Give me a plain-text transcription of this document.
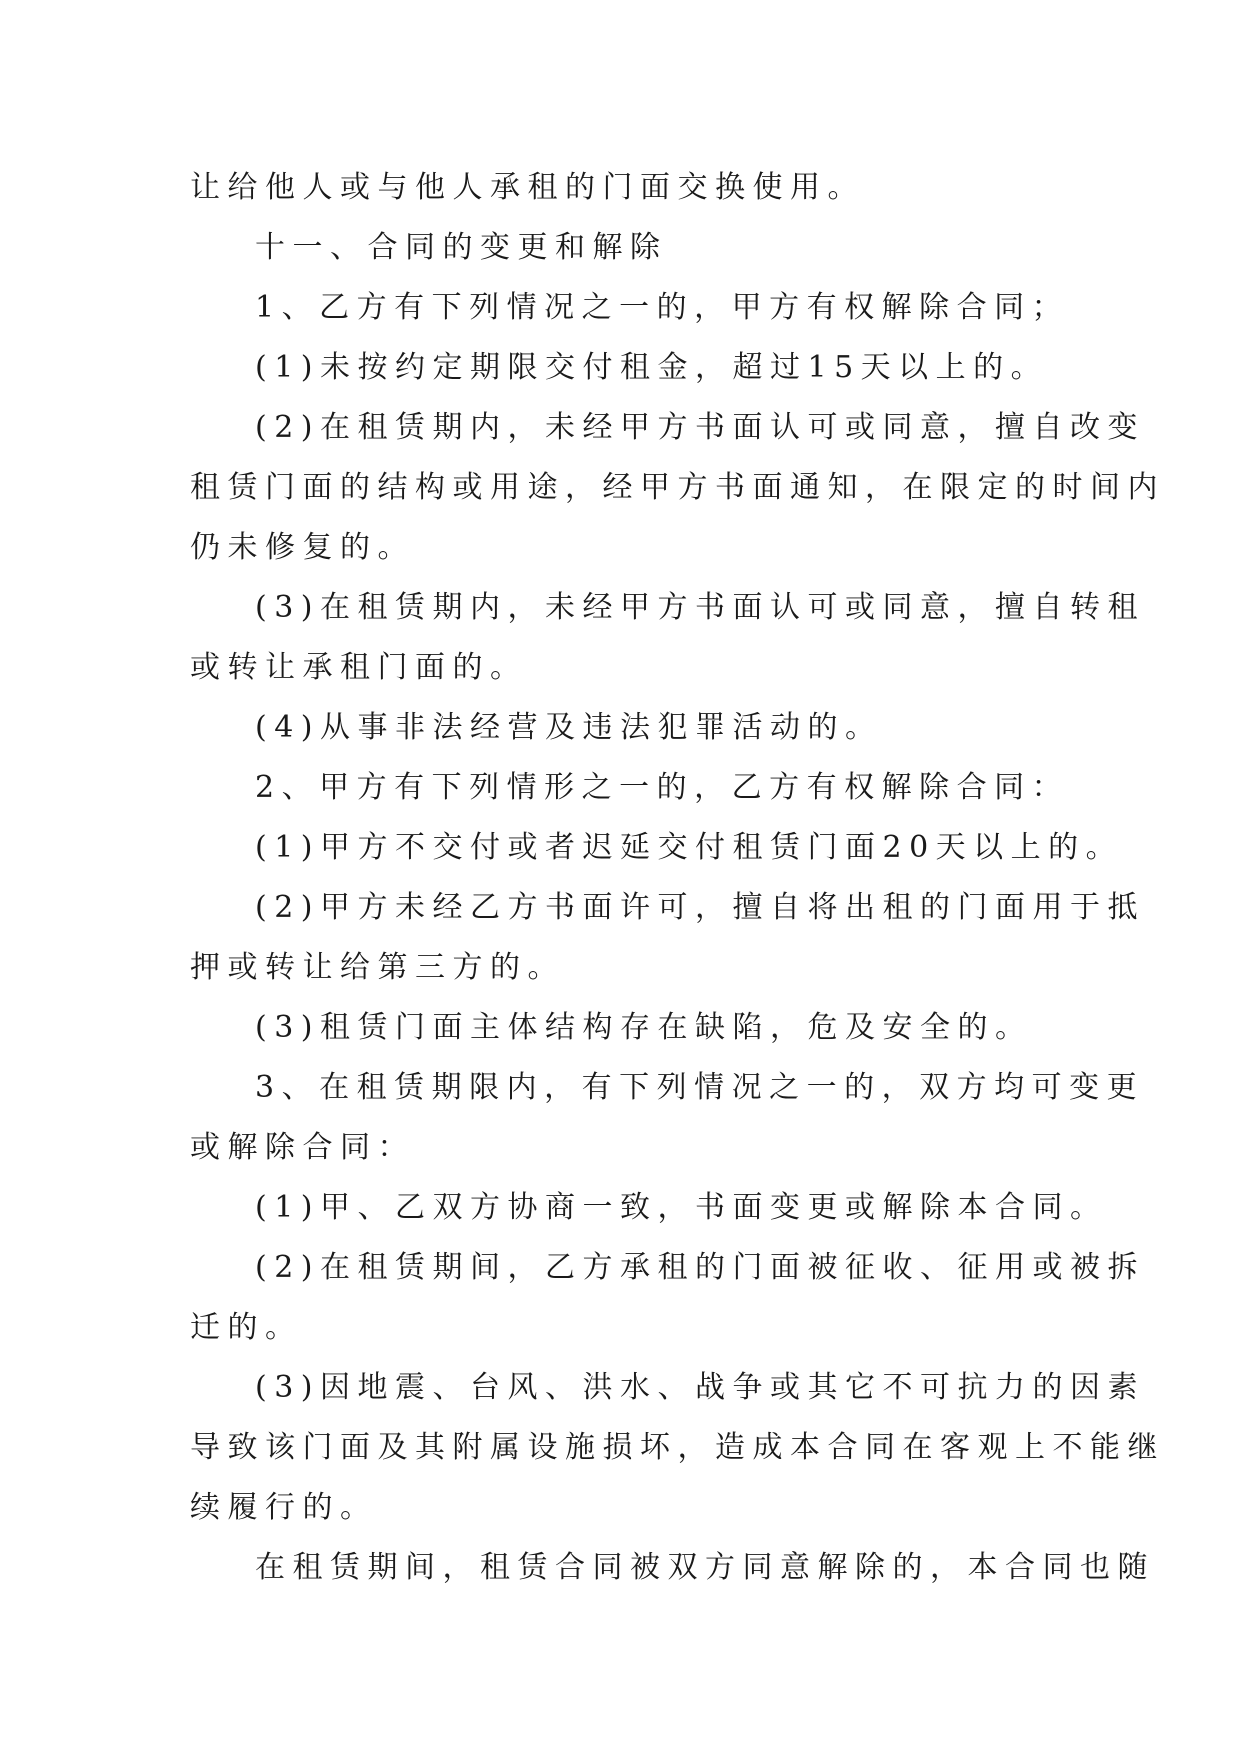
让给他人或与他人承租的门面交换使用。
十一、合同的变更和解除
1、乙方有下列情况之一的，甲方有权解除合同；
(1)未按约定期限交付租金，超过15天以上的。
(2)在租赁期内，未经甲方书面认可或同意，擅自改变
租赁门面的结构或用途，经甲方书面通知，在限定的时间内
仍未修复的。
(3)在租赁期内，未经甲方书面认可或同意，擅自转租
或转让承租门面的。
(4)从事非法经营及违法犯罪活动的。
2、甲方有下列情形之一的，乙方有权解除合同：
(1)甲方不交付或者迟延交付租赁门面20天以上的。
(2)甲方未经乙方书面许可，擅自将出租的门面用于抵
押或转让给第三方的。
(3)租赁门面主体结构存在缺陷，危及安全的。
3、在租赁期限内，有下列情况之一的，双方均可变更
或解除合同：
(1)甲、乙双方协商一致，书面变更或解除本合同。
(2)在租赁期间，乙方承租的门面被征收、征用或被拆
迁的。
(3)因地震、台风、洪水、战争或其它不可抗力的因素
导致该门面及其附属设施损坏，造成本合同在客观上不能继
续履行的。
在租赁期间，租赁合同被双方同意解除的，本合同也随
